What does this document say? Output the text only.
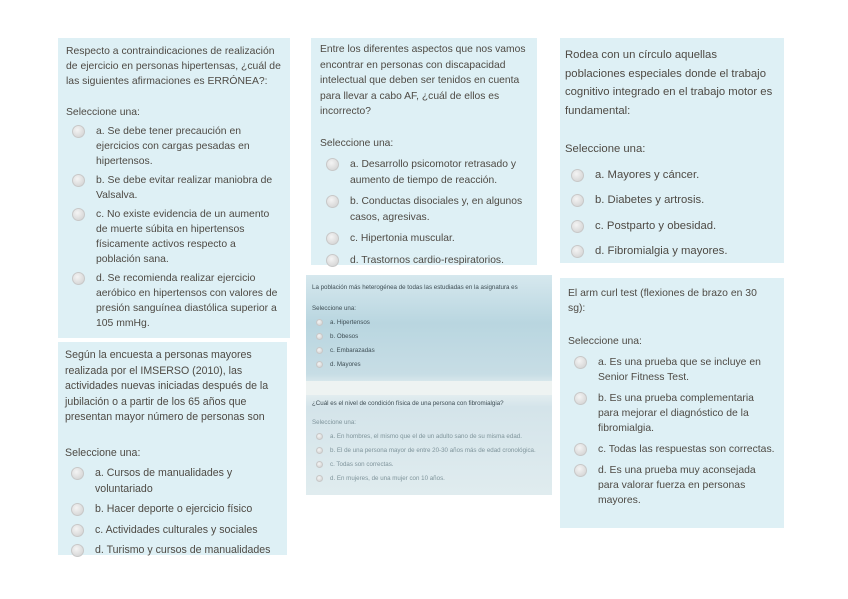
Respecto a contraindicaciones de realización de ejercicio en personas hipertensas, ¿cuál de las siguientes afirmaciones es ERRÓNEA?:

Seleccione una:
a. Se debe tener precaución en ejercicios con cargas pesadas en hipertensos.
b. Se debe evitar realizar maniobra de Valsalva.
c. No existe evidencia de un aumento de muerte súbita en hipertensos físicamente activos respecto a población sana.
d. Se recomienda realizar ejercicio aeróbico en hipertensos con valores de presión sanguínea diastólica superior a 105 mmHg.

Según la encuesta a personas mayores realizada por el IMSERSO (2010), las actividades nuevas iniciadas después de la jubilación o a partir de los 65 años que presentan mayor número de personas son

Seleccione una:
a. Cursos de manualidades y voluntariado
b. Hacer deporte o ejercicio físico
c. Actividades culturales y sociales
d. Turismo y cursos de manualidades

Entre los diferentes aspectos que nos vamos encontrar en personas con discapacidad intelectual que deben ser tenidos en cuenta para llevar a cabo AF, ¿cuál de ellos es incorrecto?

Seleccione una:
a. Desarrollo psicomotor retrasado y aumento de tiempo de reacción.
b. Conductas disociales y, en algunos casos, agresivas.
c. Hipertonia muscular.
d. Trastornos cardio-respiratorios.
La población más heterogénea de todas las estudiadas en la asignatura es
Seleccione una:
a. Hipertensos
b. Obesos
c. Embarazadas
d. Mayores
¿Cuál es el nivel de condición física de una persona con fibromialgia?
Seleccione una:
a. En hombres, el mismo que el de un adulto sano de su misma edad.
b. El de una persona mayor de entre 20-30 años más de edad cronológica.
c. Todas son correctas.
d. En mujeres, de una mujer con 10 años.

Rodea con un círculo aquellas poblaciones especiales donde el trabajo cognitivo integrado en el trabajo motor es fundamental:

Seleccione una:
a. Mayores y cáncer.
b. Diabetes y artrosis.
c. Postparto y obesidad.
d. Fibromialgia y mayores.

El arm curl test (flexiones de brazo en 30 sg):

Seleccione una:
a. Es una prueba que se incluye en Senior Fitness Test.
b. Es una prueba complementaria para mejorar el diagnóstico de la fibromialgia.
c. Todas las respuestas son correctas.
d. Es una prueba muy aconsejada para valorar fuerza en personas mayores.
